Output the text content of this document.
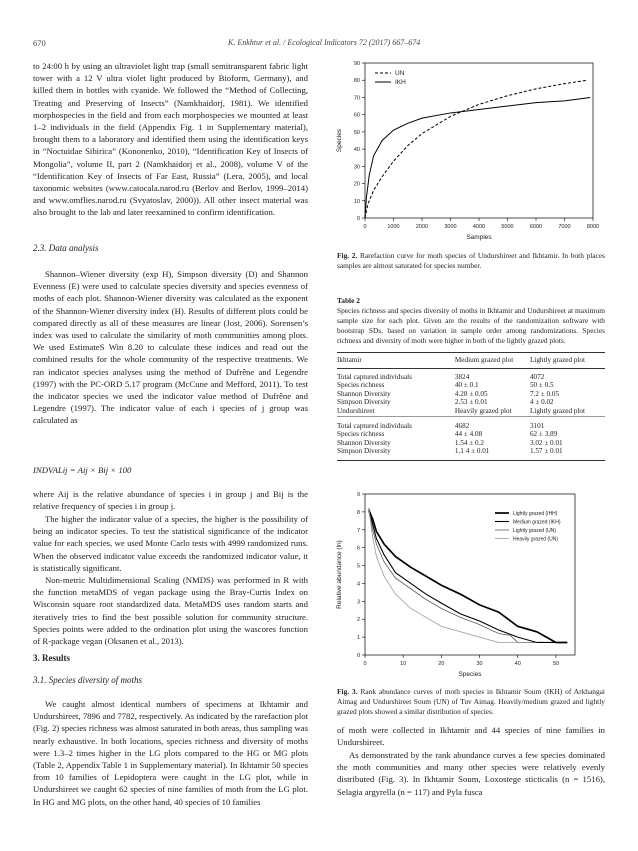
670	K. Enkhtur et al. / Ecological Indicators 72 (2017) 667–674

to 24:00 h by using an ultraviolet light trap (small semitransparent fabric light tower with a 12 V ultra violet light produced by Bioform, Germany), and killed them in bottles with cyanide. We followed the “Method of Collecting, Treating and Preserving of Insects” (Namkhaidorj, 1981). We identified morphospecies in the field and from each morphospecies we mounted at least 1–2 individuals in the field (Appendix Fig. 1 in Supplementary material), brought them to a laboratory and identified them using the identification keys in “Noctuidae Sibirica” (Kononenko, 2010), “Identification Key of Insects of Mongolia”, volume II, part 2 (Namkhaidorj et al., 2008), volume V of the “Identification Key of Insects of Far East, Russia” (Lera, 2005), and local taxonomic websites (www.catocala.narod.ru (Berlov and Berlov, 1999–2014) and www.omflies.narod.ru (Svyatoslav, 2000)). All other insect material was also brought to the lab and later reexamined to confirm identification.

2.3. Data analysis

Shannon–Wiener diversity (exp H), Simpson diversity (D) and Shannon Evenness (E) were used to calculate species diversity and species evenness of moths of each plot. Shannon-Wiener diversity was calculated as the exponent of the Shannon-Wiener diversity index (H). Results of different plots could be compared directly as all of these measures are linear (Jost, 2006). Sorensen’s index was used to calculate the similarity of moth communities among plots. We used EstimateS Win 8.20 to calculate these indices and read out the combined results for the whole community of the respective treatments. We ran indicator species analyses using the method of Dufrêne and Legendre (1997) with the PC-ORD 5.17 program (McCune and Mefford, 2011). To test the indicator species we used the indicator value method of Dufrêne and Legendre (1997). The indicator value of each i species of j group was calculated as

INDVALij = Aij × Bij × 100

where Aij is the relative abundance of species i in group j and Bij is the relative frequency of species i in group j.

The higher the indicator value of a species, the higher is the possibility of being an indicator species. To test the statistical significance of the indicator value for each species, we used Monte Carlo tests with 4999 randomized runs. When the observed indicator value exceeds the randomized indicator value, it is statistically significant.

Non-metric Multidimensional Scaling (NMDS) was performed in R with the function metaMDS of vegan package using the Bray-Curtis Index on Wisconsin square root standardized data. MetaMDS uses random starts and iteratively tries to find the best possible solution for community structure. Species points were added to the ordination plot using the wascores function of R-package vegan (Oksanen et al., 2013).

3. Results

3.1. Species diversity of moths

We caught almost identical numbers of specimens at Ikhtamir and Undurshireet, 7896 and 7782, respectively. As indicated by the rarefaction plot (Fig. 2) species richness was almost saturated in both areas, thus sampling was nearly exhaustive. In both locations, species richness and diversity of moths were 1.3–2 times higher in the LG plots compared to the HG or MG plots (Table 2, Appendix Table 1 in Supplementary material). In Ikhtamir 50 species from 10 families of Lepidoptera were caught in the LG plot, while in Undurshireet we caught 62 species of nine families of moth from the LG plot. In HG and MG plots, on the other hand, 40 species of 10 families

0
10
20
30
40
50
60
70
80
90
0	1000	2000	3000	4000	5000	6000	7000	8000
Samples
Species
UN
IKH

Fig. 2. Rarefaction curve for moth species of Undurshireet and Ikhtamir. In both places samples are almost saturated for species number.

Table 2

Species richness and species diversity of moths in Ikhtamir and Undurshireet at maximum sample size for each plot. Given are the results of the randomization software with bootstrap SDs, based on variation in sample order among randomizations. Species richness and diversity of moth were higher in both of the lightly grazed plots.

Ikhtamir	Medium grazed plot	Lightly grazed plot
Total captured individuals	3824	4072
Species richness	40 ± 0.1	50 ± 0.5
Shannon Diversity	4.28 ± 0.05	7.2 ± 0.05
Simpson Diversity	2.53 ± 0.01	4 ± 0.02
Undurshireet	Heavily grazed plot	Lightly grazed plot
Total captured individuals	4682	3101
Species richness	44 ± 4.08	62 ± 3.89
Shannon Diversity	1.54 ± 0.2	3.02 ± 0.01
Simpson Diversity	1.1 4 ± 0.01	1.57 ± 0.01
0
1
2
3
4
5
6
7
8
9
0	10	20	30	40	50
Species
Relative abundance (ln)
Lightly grazed (IHH)
Medium grazed (IKH)
Lightly grazed (UN)
Heavily grazed (UN)

Fig. 3. Rank abundance curves of moth species in Ikhtamir Soum (IKH) of Arkhangai Aimag and Undurshireet Soum (UN) of Tuv Aimag. Heavily/medium grazed and lightly grazed plots showed a similar distribution of species.

of moth were collected in Ikhtamir and 44 species of nine families in Undurshireet.

As demonstrated by the rank abundance curves a few species dominated the moth communities and many other species were relatively evenly distributed (Fig. 3). In Ikhtamir Soum, Loxostege sticticalis (n = 1516), Selagia argyrella (n = 117) and Pyla fusca
